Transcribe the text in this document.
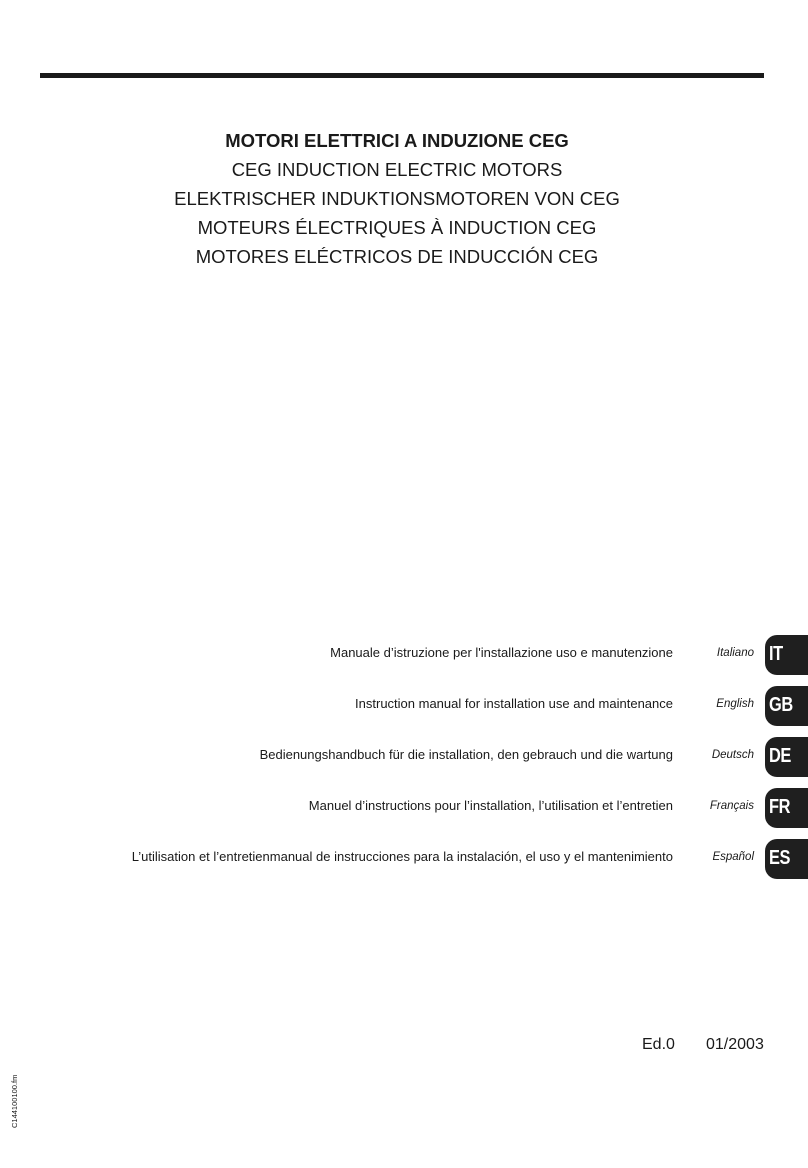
MOTORI ELETTRICI A INDUZIONE CEG
CEG INDUCTION ELECTRIC MOTORS
ELEKTRISCHER INDUKTIONSMOTOREN VON CEG
MOTEURS ÉLECTRIQUES À INDUCTION CEG
MOTORES ELÉCTRICOS DE INDUCCIÓN CEG
Manuale d’istruzione per l'installazione uso e manutenzione	Italiano IT
Instruction manual for installation use and maintenance	English GB
Bedienungshandbuch für die installation, den gebrauch und die wartung	Deutsch DE
Manuel d’instructions pour l’installation, l’utilisation et l’entretien	Français FR
L’utilisation et l’entretienmanual de instrucciones para la instalación, el uso y el mantenimiento	Español ES
Ed.0 01/2003
C144100100.fm
